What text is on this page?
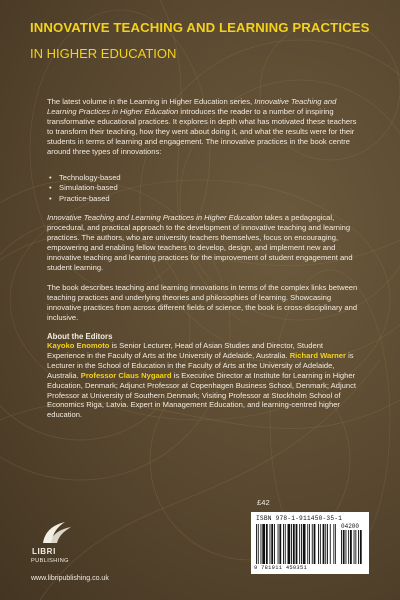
INNOVATIVE TEACHING AND LEARNING PRACTICES
IN HIGHER EDUCATION

The latest volume in the Learning in Higher Education series, Innovative Teaching and Learning Practices in Higher Education introduces the reader to a number of inspiring transformative educational practices. It explores in depth what has motivated these teachers to transform their teaching, how they went about doing it, and what the results were for their students in terms of learning and engagement. The innovative practices in the book centre around three types of innovations:

• Technology-based
• Simulation-based
• Practice-based

Innovative Teaching and Learning Practices in Higher Education takes a pedagogical, procedural, and practical approach to the development of innovative teaching and learning practices. The authors, who are university teachers themselves, focus on encouraging, empowering and enabling fellow teachers to develop, design, and implement new and innovative teaching and learning practices for the improvement of student engagement and student learning.

The book describes teaching and learning innovations in terms of the complex links between teaching practices and underlying theories and philosophies of learning. Showcasing innovative practices from across different fields of science, the book is cross-disciplinary and inclusive.

About the Editors

Kayoko Enomoto is Senior Lecturer, Head of Asian Studies and Director, Student Experience in the Faculty of Arts at the University of Adelaide, Australia. Richard Warner is Lecturer in the School of Education in the Faculty of Arts at the University of Adelaide, Australia. Professor Claus Nygaard is Executive Director at Institute for Learning in Higher Education, Denmark; Adjunct Professor at Copenhagen Business School, Denmark; Adjunct Professor at University of Southern Denmark; Visiting Professor at Stockholm School of Economics Riga, Latvia. Expert in Management Education, and learning-centred higher education.

£42
ISBN 978-1-911450-35-1
04200
9 781911 450351
LIBRI
PUBLISHING
www.libripublishing.co.uk
